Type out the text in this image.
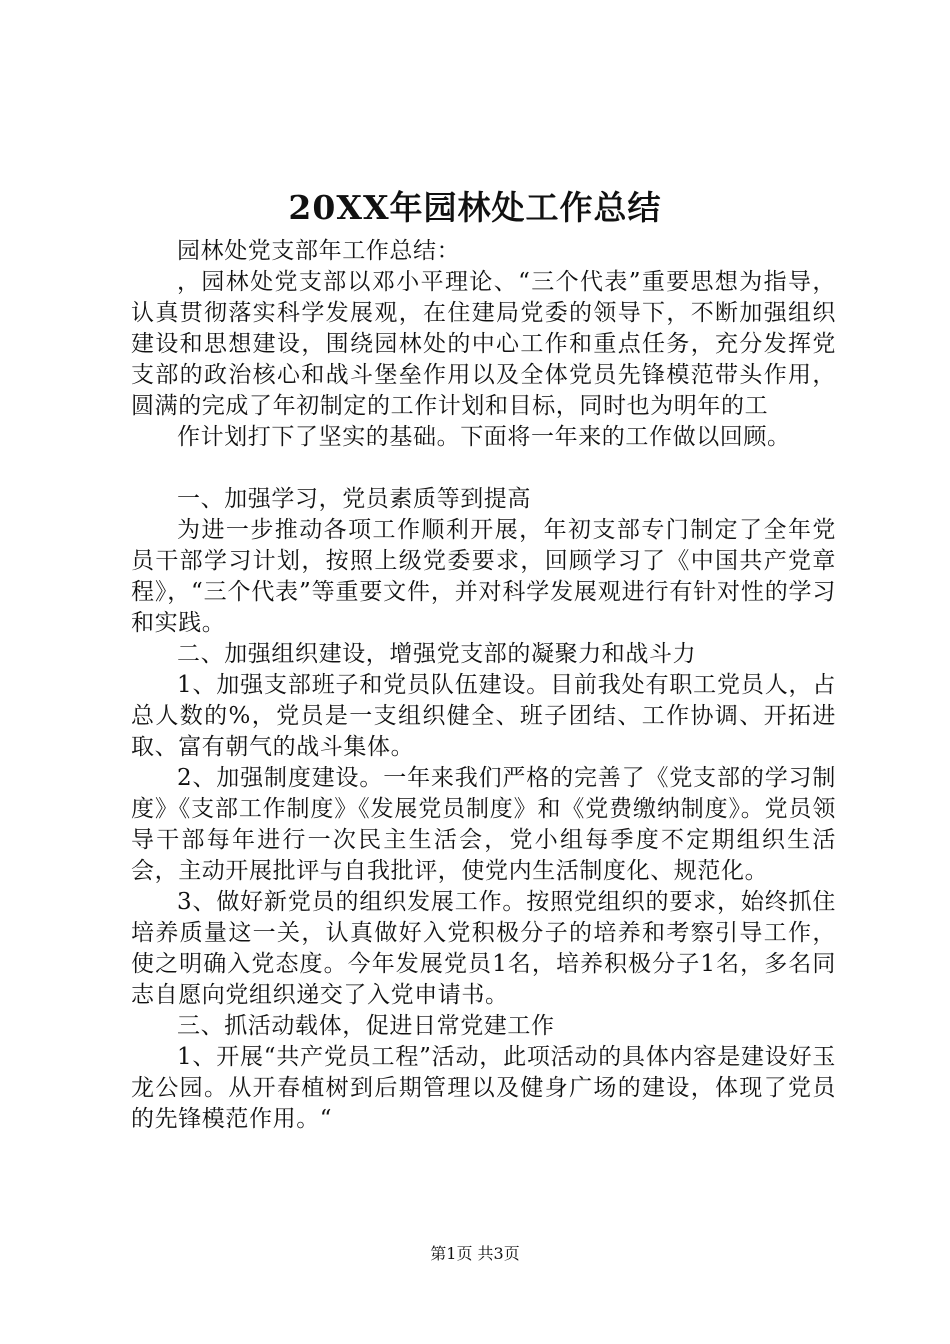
20XX年园林处工作总结

园林处党支部年工作总结：

，园林处党支部以邓小平理论、“三个代表”重要思想为指导，认真贯彻落实科学发展观，在住建局党委的领导下，不断加强组织建设和思想建设，围绕园林处的中心工作和重点任务，充分发挥党支部的政治核心和战斗堡垒作用以及全体党员先锋模范带头作用，圆满的完成了年初制定的工作计划和目标，同时也为明年的工

作计划打下了坚实的基础。下面将一年来的工作做以回顾。

一、加强学习，党员素质等到提高

为进一步推动各项工作顺利开展，年初支部专门制定了全年党员干部学习计划，按照上级党委要求，回顾学习了《中国共产党章程》，“三个代表”等重要文件，并对科学发展观进行有针对性的学习和实践。

二、加强组织建设，增强党支部的凝聚力和战斗力

1、加强支部班子和党员队伍建设。目前我处有职工党员人，占总人数的%，党员是一支组织健全、班子团结、工作协调、开拓进取、富有朝气的战斗集体。

2、加强制度建设。一年来我们严格的完善了《党支部的学习制度》《支部工作制度》《发展党员制度》和《党费缴纳制度》。党员领导干部每年进行一次民主生活会，党小组每季度不定期组织生活会，主动开展批评与自我批评，使党内生活制度化、规范化。

3、做好新党员的组织发展工作。按照党组织的要求，始终抓住培养质量这一关，认真做好入党积极分子的培养和考察引导工作，使之明确入党态度。今年发展党员1名，培养积极分子1名，多名同志自愿向党组织递交了入党申请书。

三、抓活动载体，促进日常党建工作

1、开展“共产党员工程”活动，此项活动的具体内容是建设好玉龙公园。从开春植树到后期管理以及健身广场的建设，体现了党员的先锋模范作用。“

第1页 共3页
